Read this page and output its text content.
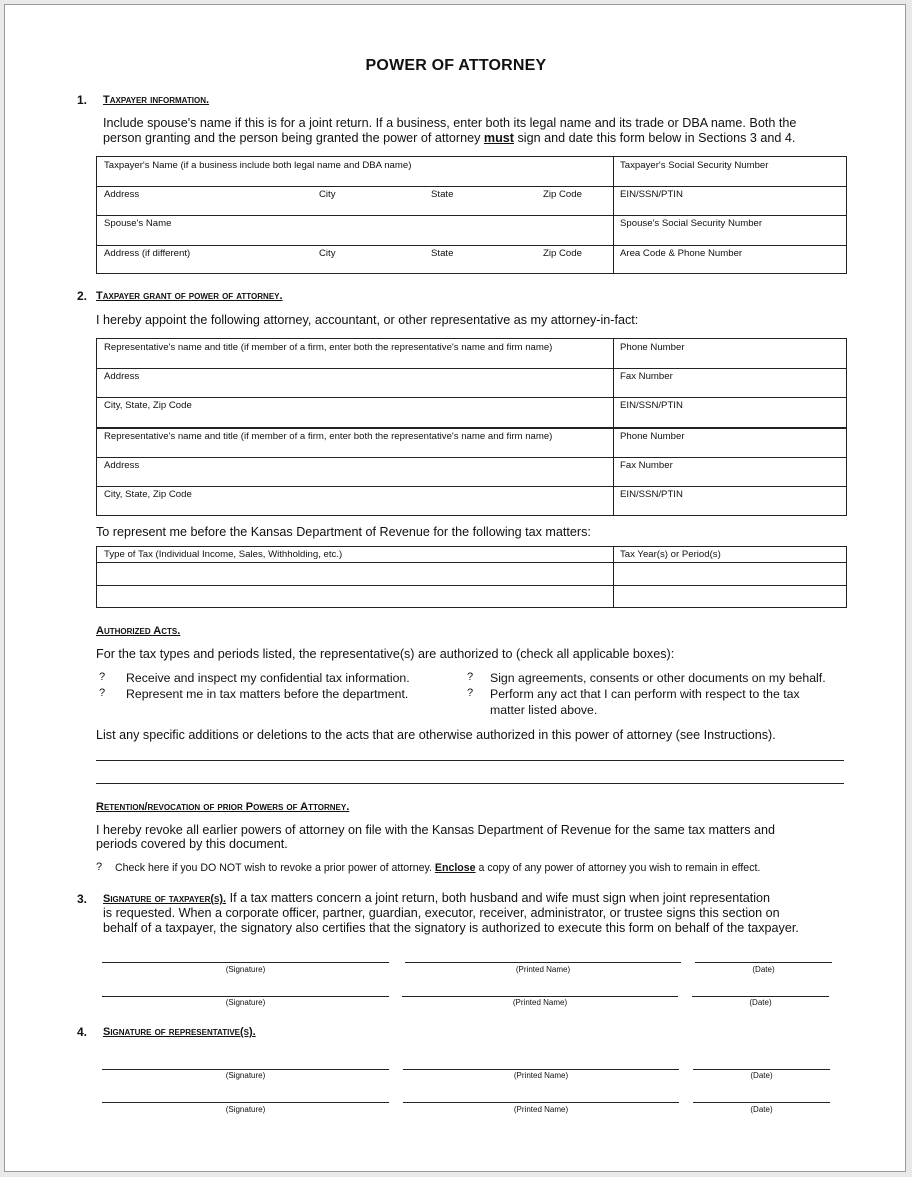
POWER OF ATTORNEY
1. Taxpayer information.
Include spouse's name if this is for a joint return. If a business, enter both its legal name and its trade or DBA name. Both the
person granting and the person being granted the power of attorney must sign and date this form below in Sections 3 and 4.
Taxpayer's Name (if a business include both legal name and DBA name)	Taxpayer's Social Security Number
Address	City	State	Zip Code	EIN/SSN/PTIN
Spouse's Name	Spouse's Social Security Number
Address (if different)	City	State	Zip Code	Area Code & Phone Number
2. Taxpayer grant of power of attorney.
I hereby appoint the following attorney, accountant, or other representative as my attorney-in-fact:
Representative's name and title (if member of a firm, enter both the representative's name and firm name)	Phone Number
Address	Fax Number
City, State, Zip Code	EIN/SSN/PTIN
Representative's name and title (if member of a firm, enter both the representative's name and firm name)	Phone Number
Address	Fax Number
City, State, Zip Code	EIN/SSN/PTIN
To represent me before the Kansas Department of Revenue for the following tax matters:
Type of Tax (Individual Income, Sales, Withholding, etc.)	Tax Year(s) or Period(s)
Authorized Acts.
For the tax types and periods listed, the representative(s) are authorized to (check all applicable boxes):
? Receive and inspect my confidential tax information.
? Represent me in tax matters before the department.
? Sign agreements, consents or other documents on my behalf.
? Perform any act that I can perform with respect to the tax
matter listed above.
List any specific additions or deletions to the acts that are otherwise authorized in this power of attorney (see Instructions).
Retention/revocation of prior Powers of Attorney.
I hereby revoke all earlier powers of attorney on file with the Kansas Department of Revenue for the same tax matters and
periods covered by this document.
? Check here if you DO NOT wish to revoke a prior power of attorney. Enclose a copy of any power of attorney you wish to remain in effect.
3. Signature of taxpayer(s). If a tax matters concern a joint return, both husband and wife must sign when joint representation
is requested. When a corporate officer, partner, guardian, executor, receiver, administrator, or trustee signs this section on
behalf of a taxpayer, the signatory also certifies that the signatory is authorized to execute this form on behalf of the taxpayer.
(Signature)	(Printed Name)	(Date)
(Signature)	(Printed Name)	(Date)
4. Signature of representative(s).
(Signature)	(Printed Name)	(Date)
(Signature)	(Printed Name)	(Date)
